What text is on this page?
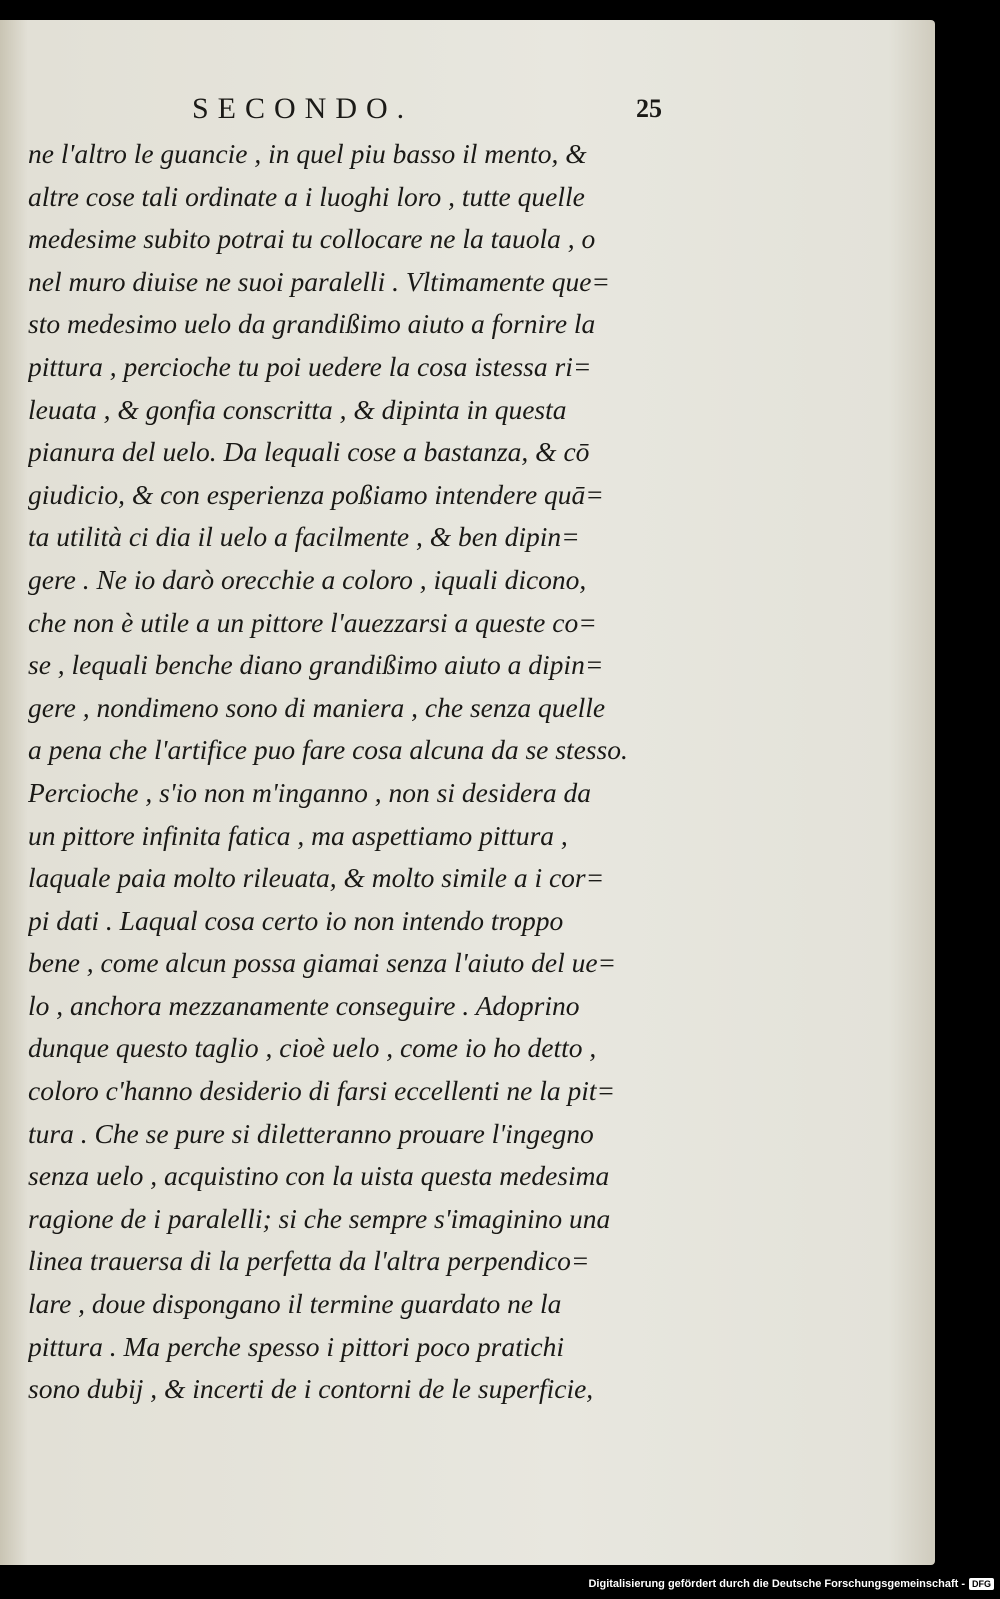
SECONDO.	25
ne l'altro le guancie , in quel piu basso il mento, &
altre cose tali ordinate a i luoghi loro , tutte quelle
medesime subito potrai tu collocare ne la tauola , o
nel muro diuise ne suoi paralelli . Vltimamente que=
sto medesimo uelo da grandißimo aiuto a fornire la
pittura , percioche tu poi uedere la cosa istessa ri=
leuata , & gonfia conscritta , & dipinta in questa
pianura del uelo. Da lequali cose a bastanza, & cō
giudicio, & con esperienza poßiamo intendere quā=
ta utilità ci dia il uelo a facilmente , & ben dipin=
gere . Ne io darò orecchie a coloro , iquali dicono,
che non è utile a un pittore l'auezzarsi a queste co=
se , lequali benche diano grandißimo aiuto a dipin=
gere , nondimeno sono di maniera , che senza quelle
a pena che l'artifice puo fare cosa alcuna da se stesso.
Percioche , s'io non m'inganno , non si desidera da
un pittore infinita fatica , ma aspettiamo pittura ,
laquale paia molto rileuata, & molto simile a i cor=
pi dati . Laqual cosa certo io non intendo troppo
bene , come alcun possa giamai senza l'aiuto del ue=
lo , anchora mezzanamente conseguire . Adoprino
dunque questo taglio , cioè uelo , come io ho detto ,
coloro c'hanno desiderio di farsi eccellenti ne la pit=
tura . Che se pure si diletteranno prouare l'ingegno
senza uelo , acquistino con la uista questa medesima
ragione de i paralelli; si che sempre s'imaginino una
linea trauersa di la perfetta da l'altra perpendico=
lare , doue dispongano il termine guardato ne la
pittura . Ma perche spesso i pittori poco pratichi
sono dubij , & incerti de i contorni de le superficie,
Digitalisierung gefördert durch die Deutsche Forschungsgemeinschaft - DFG
